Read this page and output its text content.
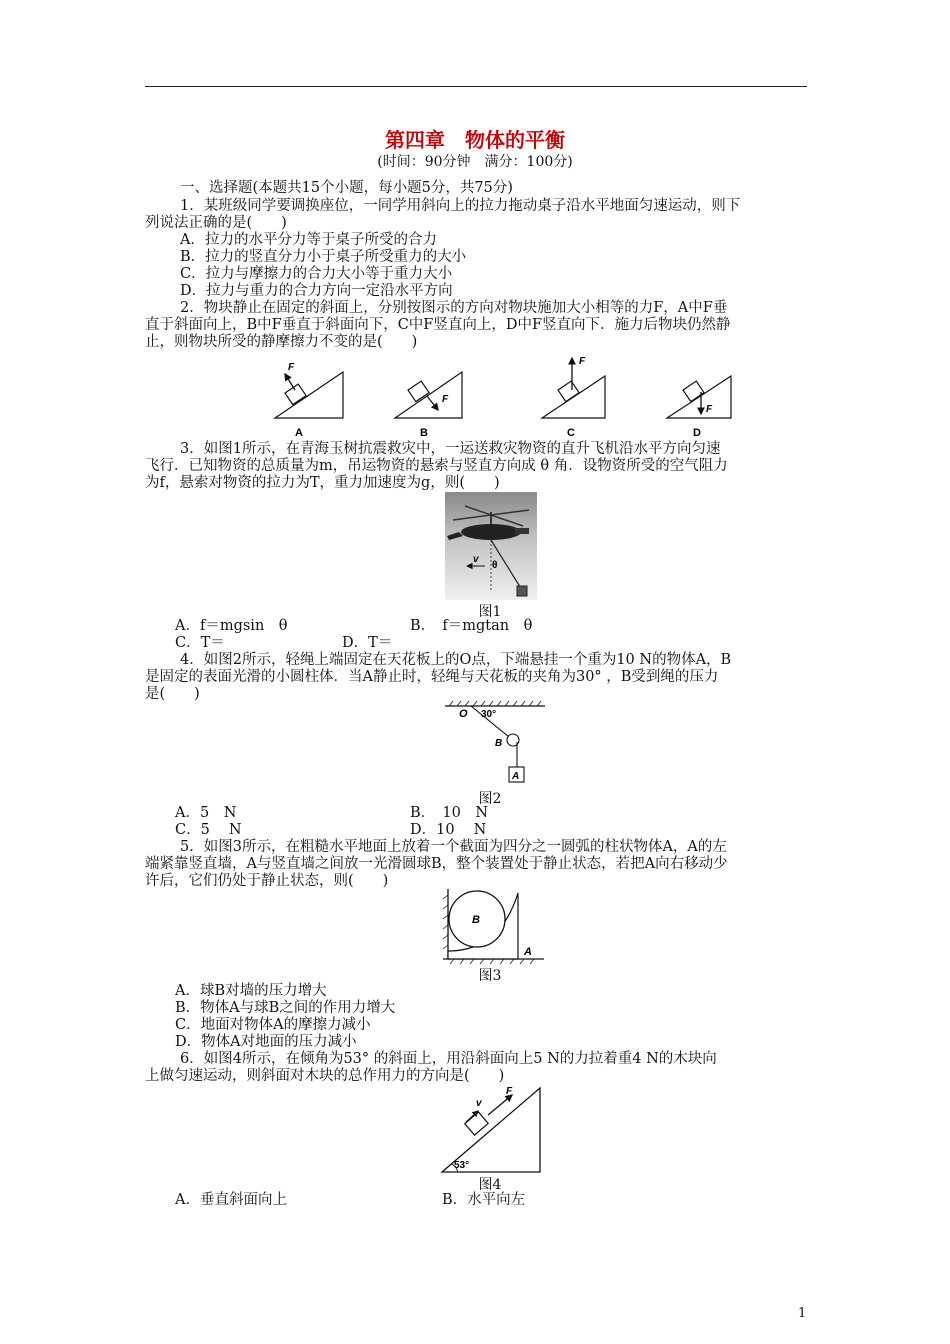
第四章　物体的平衡
(时间：90分钟　满分：100分)
一、选择题(本题共15个小题，每小题5分，共75分)
1．某班级同学要调换座位，一同学用斜向上的拉力拖动桌子沿水平地面匀速运动，则下
列说法正确的是(　　)
A．拉力的水平分力等于桌子所受的合力
B．拉力的竖直分力小于桌子所受重力的大小
C．拉力与摩擦力的合力大小等于重力大小
D．拉力与重力的合力方向一定沿水平方向
2．物块静止在固定的斜面上，分别按图示的方向对物块施加大小相等的力F，A中F垂
直于斜面向上，B中F垂直于斜面向下，C中F竖直向上，D中F竖直向下．施力后物块仍然静
止，则物块所受的静摩擦力不变的是(　　)
F
A
F
B
F
C
F
D
3．如图1所示，在青海玉树抗震救灾中，一运送救灾物资的直升飞机沿水平方向匀速
飞行．已知物资的总质量为m，吊运物资的悬索与竖直方向成 θ 角．设物资所受的空气阻力
为f，悬索对物资的拉力为T，重力加速度为g，则(　　)
v
θ
图1
A．f＝mgsin　θ	B．　f＝mgtan　θ
C．T＝	D．T＝
4．如图2所示，轻绳上端固定在天花板上的O点，下端悬挂一个重为10 N的物体A，B
是固定的表面光滑的小圆柱体．当A静止时，轻绳与天花板的夹角为30° ，B受到绳的压力
是(　　)
O 30°
B
A
图2
A．5　N	B．　10　N
C．5　 N	D．10　 N
5．如图3所示，在粗糙水平地面上放着一个截面为四分之一圆弧的柱状物体A，A的左
端紧靠竖直墙，A与竖直墙之间放一光滑圆球B，整个装置处于静止状态，若把A向右移动少
许后，它们仍处于静止状态，则(　　)
B
A
图3
A．球B对墙的压力增大
B．物体A与球B之间的作用力增大
C．地面对物体A的摩擦力减小
D．物体A对地面的压力减小
6．如图4所示，在倾角为53° 的斜面上，用沿斜面向上5 N的力拉着重4 N的木块向
上做匀速运动，则斜面对木块的总作用力的方向是(　　)
v
F
53°
图4
A．垂直斜面向上	B．水平向左
1
